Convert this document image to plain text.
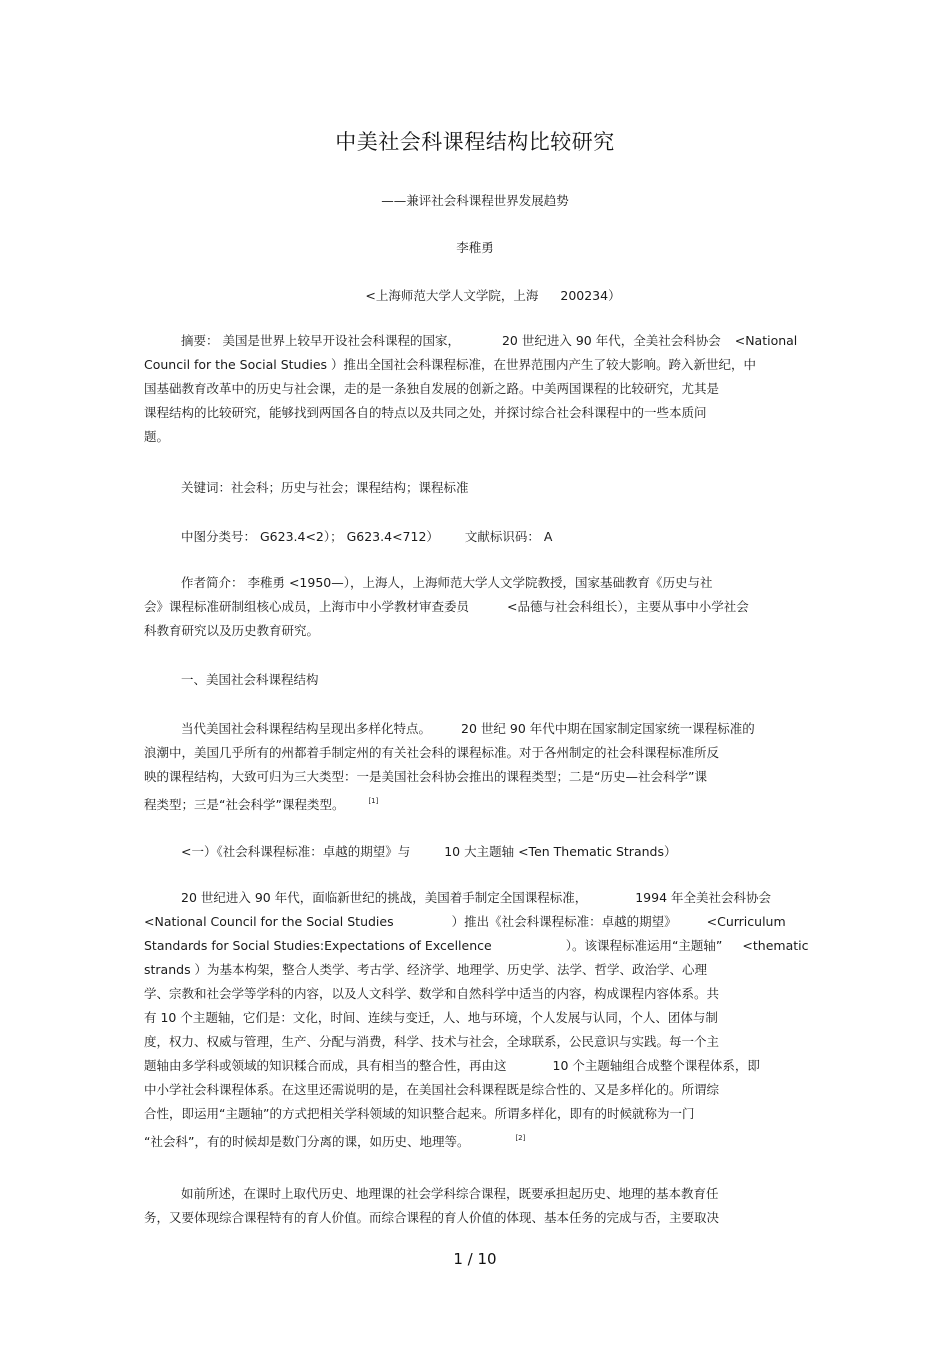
中美社会科课程结构比较研究
——兼评社会科课程世界发展趋势
李稚勇
<上海师范大学人文学院，上海 200234）
摘要： 美国是世界上较早开设社会科课程的国家，	20 世纪进入 90 年代，全美社会科协会 <National
Council for the Social Studies ）推出全国社会科课程标准，在世界范围内产生了较大影响。跨入新世纪，中
国基础教育改革中的历史与社会课，走的是一条独自发展的创新之路。中美两国课程的比较研究，尤其是
课程结构的比较研究，能够找到两国各自的特点以及共同之处，并探讨综合社会科课程中的一些本质问
题。
关键词：社会科；历史与社会；课程结构；课程标准
中图分类号： G623.4<2）； G623.4<712） 文献标识码： A
作者简介： 李稚勇 <1950—），上海人，上海师范大学人文学院教授，国家基础教育《历史与社
会》课程标准研制组核心成员，上海市中小学教材审查委员	<品德与社会科组长），主要从事中小学社会
科教育研究以及历史教育研究。
一、美国社会科课程结构
当代美国社会科课程结构呈现出多样化特点。 20 世纪 90 年代中期在国家制定国家统一课程标准的
浪潮中，美国几乎所有的州都着手制定州的有关社会科的课程标准。对于各州制定的社会科课程标准所反
映的课程结构，大致可归为三大类型：一是美国社会科协会推出的课程类型；二是“历史—社会科学”课
程类型；三是“社会科学”课程类型。	[1]
<一）《社会科课程标准：卓越的期望》与	10 大主题轴 <Ten Thematic Strands）
20 世纪进入 90 年代，面临新世纪的挑战，美国着手制定全国课程标准，	1994 年全美社会科协会
<National Council for the Social Studies	）推出《社会科课程标准：卓越的期望》 <Curriculum
Standards for Social Studies:Expectations of Excellence	）。该课程标准运用“主题轴” <thematic
strands ）为基本构架，整合人类学、考古学、经济学、地理学、历史学、法学、哲学、政治学、心理
学、宗教和社会学等学科的内容，以及人文科学、数学和自然科学中适当的内容，构成课程内容体系。共
有 10 个主题轴，它们是：文化，时间、连续与变迁，人、地与环境，个人发展与认同，个人、团体与制
度，权力、权威与管理，生产、分配与消费，科学、技术与社会，全球联系，公民意识与实践。每一个主
题轴由多学科或领域的知识糅合而成，具有相当的整合性，再由这	10 个主题轴组合成整个课程体系，即
中小学社会科课程体系。在这里还需说明的是，在美国社会科课程既是综合性的、又是多样化的。所谓综
合性，即运用“主题轴”的方式把相关学科领域的知识整合起来。所谓多样化，即有的时候就称为一门
“社会科”，有的时候却是数门分离的课，如历史、地理等。	[2]
如前所述，在课时上取代历史、地理课的社会学科综合课程，既要承担起历史、地理的基本教育任
务，又要体现综合课程特有的育人价值。而综合课程的育人价值的体现、基本任务的完成与否，主要取决
1 / 10
